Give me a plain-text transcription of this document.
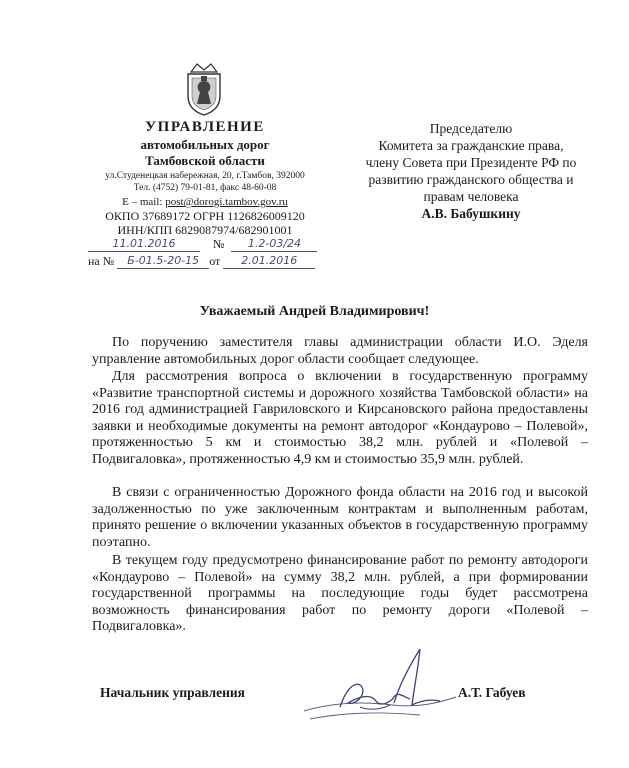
УПРАВЛЕНИЕ
автомобильных дорог
Тамбовской области
ул.Студенецкая набережная, 20, г.Тамбов, 392000
Тел. (4752) 79-01-81, факс 48-60-08
E – mail: post@dorogi.tambov.gov.ru
ОКПО 37689172 ОГРН 1126826009120
ИНН/КПП 6829087974/682901001
11.01.2016	№ 1.2-03/24
на № Б-01.5-20-15 от 2.01.2016
Председателю
Комитета за гражданские права,
члену Совета при Президенте РФ по
развитию гражданского общества и
правам человека
А.В. Бабушкину
Уважаемый Андрей Владимирович!

По поручению заместителя главы администрации области И.О. Эделя управление автомобильных дорог области сообщает следующее.

Для рассмотрения вопроса о включении в государственную программу «Развитие транспортной системы и дорожного хозяйства Тамбовской области» на 2016 год администрацией Гавриловского и Кирсановского района предоставлены заявки и необходимые документы на ремонт автодорог «Кондаурово – Полевой», протяженностью 5 км и стоимостью 38,2 млн. рублей и «Полевой –Подвигаловка», протяженностью 4,9 км и стоимостью 35,9 млн. рублей.

В связи с ограниченностью Дорожного фонда области на 2016 год и высокой задолженностью по уже заключенным контрактам и выполненным работам, принято решение о включении указанных объектов в государственную программу поэтапно.

В текущем году предусмотрено финансирование работ по ремонту автодороги «Кондаурово – Полевой» на сумму 38,2 млн. рублей, а при формировании государственной программы на последующие годы будет рассмотрена возможность финансирования работ по ремонту дороги «Полевой – Подвигаловка».

Начальник управления	А.Т. Габуев
